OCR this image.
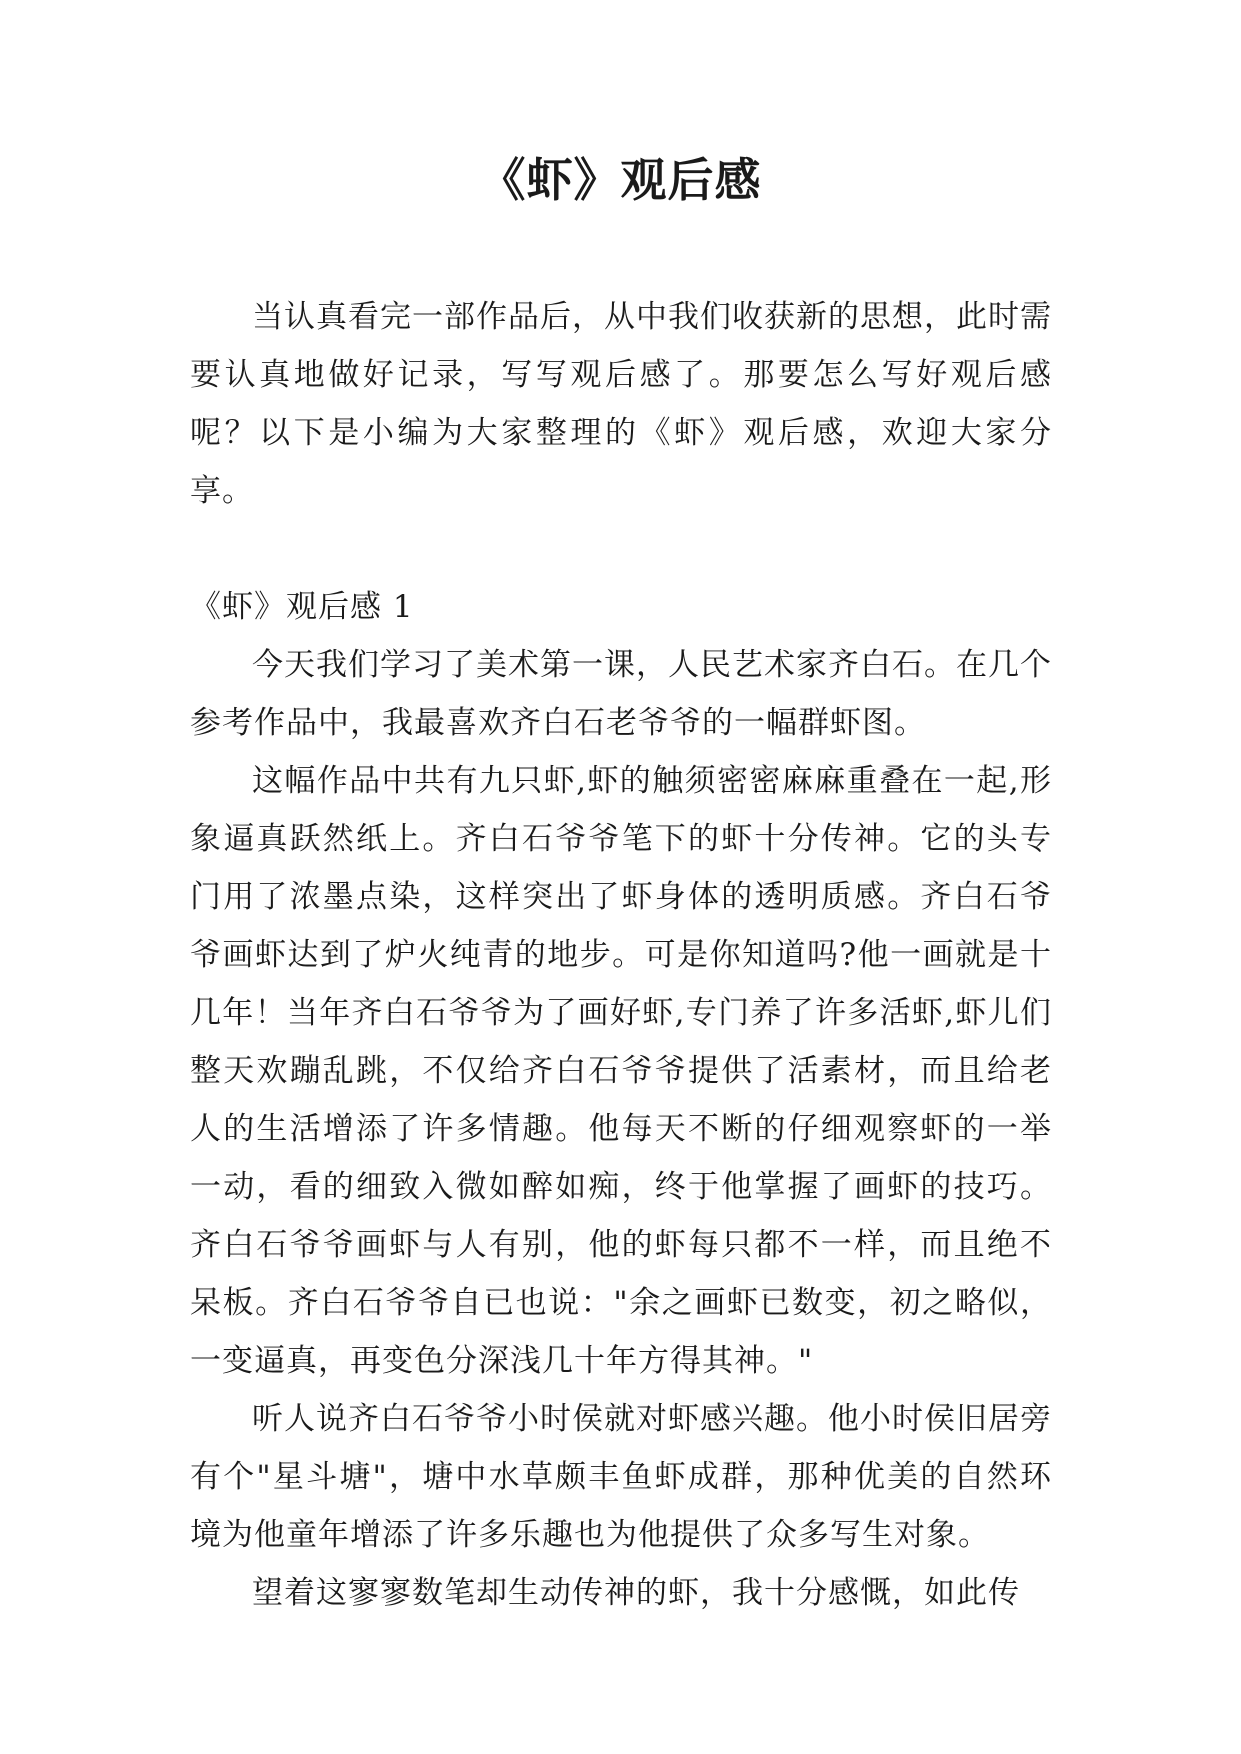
《虾》观后感

当认真看完一部作品后，从中我们收获新的思想，此时需要认真地做好记录，写写观后感了。那要怎么写好观后感呢？以下是小编为大家整理的《虾》观后感，欢迎大家分享。

《虾》观后感 1

今天我们学习了美术第一课，人民艺术家齐白石。在几个参考作品中，我最喜欢齐白石老爷爷的一幅群虾图。

这幅作品中共有九只虾,虾的触须密密麻麻重叠在一起,形象逼真跃然纸上。齐白石爷爷笔下的虾十分传神。它的头专门用了浓墨点染，这样突出了虾身体的透明质感。齐白石爷爷画虾达到了炉火纯青的地步。可是你知道吗?他一画就是十几年！当年齐白石爷爷为了画好虾,专门养了许多活虾,虾儿们整天欢蹦乱跳，不仅给齐白石爷爷提供了活素材，而且给老人的生活增添了许多情趣。他每天不断的仔细观察虾的一举一动，看的细致入微如醉如痴，终于他掌握了画虾的技巧。齐白石爷爷画虾与人有别，他的虾每只都不一样，而且绝不呆板。齐白石爷爷自已也说："余之画虾已数变，初之略似，一变逼真，再变色分深浅几十年方得其神。"

听人说齐白石爷爷小时侯就对虾感兴趣。他小时侯旧居旁有个"星斗塘"，塘中水草颇丰鱼虾成群，那种优美的自然环境为他童年增添了许多乐趣也为他提供了众多写生对象。

望着这寥寥数笔却生动传神的虾，我十分感慨，如此传
